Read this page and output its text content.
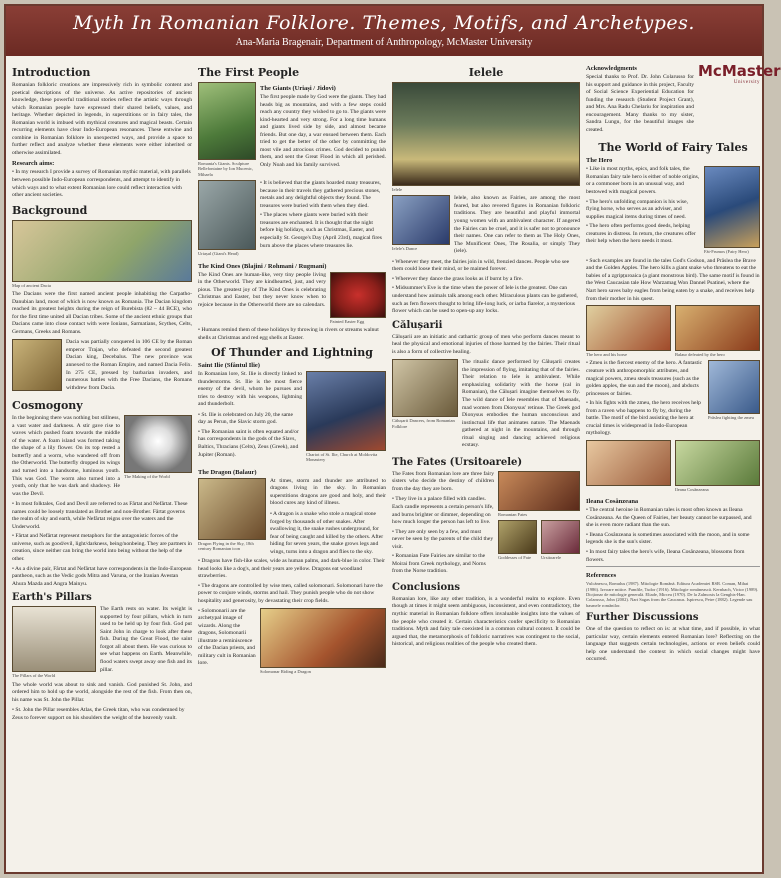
Myth In Romanian Folklore. Themes, Motifs, and Archetypes.
Ana-Maria Bragenair, Department of Anthropology, McMaster University
Introduction
Romanian folkloric creations are impressively rich in symbolic content and poetical descriptions of the universe. As active repositories of ancient knowledge, these powerful traditional stories reflect the artistic ways through which Romanian people have expressed their shared beliefs, values, and heritage. Whether depicted in legends, in superstitions or in fairy tales, the Romanian world is imbued with mythical creatures and magical beasts. Certain recurring elements have clear Indo-European resonances. These entwine and combine in Romanian folklore in unexpected ways, and provide a space to further reflect and analyze whether these elements were either inherited or otherwise assimilated.
Research aims:
• In my research I provide a survey of Romanian mythic material, with parallels between possible Indo-European correspondents, and attempt to identify in which ways and to what extent Romanian lore could reflect interaction with other ancient societies.
Background
Map of ancient Dacia
The Dacians were the first named ancient people inhabiting the Carpatho-Danubian land, most of which is now known as Romania. The Dacian kingdom reached its greatest heights during the reign of Burebista (82 – 44 BCE), who for the first time united all Dacian tribes. Some of the ancient ethnic groups that Dacians came into close contact with were Ionians, Sarmatians, Scythes, Celts, Germans, Greeks and Romans.
Dacia was partially conquered in 106 CE by the Roman emperor Trajan, who defeated the second greatest Dacian king, Decebalus. The new province was annexed to the Roman Empire, and named Dacia Felix. In 275 CE, pressed by barbarian invaders, and numerous battles with the Free Dacians, the Romans withdrew from Dacia.
Cosmogony
In the beginning there was nothing but stillness, a vast water and darkness. A stir gave rise to waves which pushed foam towards the middle of the water. A foam island was formed taking the shape of a lily flower. On its top rested a butterfly and a worm, who wandered off from the Otherworld. The butterfly dropped its wings and turned into a handsome, luminous youth. This was God. The worm also turned into a youth, only that he was dark and shadowy. He was the Devil.
The Making of the World
• In most folktales, God and Devil are referred to as Fârtat and Nefârtat. These names could be loosely translated as Brother and non-Brother. Fârtat governs the realm of sky and earth, while Nefârtat reigns over the waters and the Underworld.
• Fârtat and Nefârtat represent metaphors for the antagonistic forces of the universe, such as good/evil, light/darkness, being/nonbeing. They are partners in creation, since neither can bring the world into being without the help of the other.
• As a divine pair, Fârtat and Nefârtat have correspondents in the Indo-European pantheon, such as the Vedic gods Mitra and Varuna, or the Iranian Avestan Ahura Mazda and Angra Mainyu.
Earth's Pillars
The Pillars of the World
The Earth rests on water. Its weight is supported by four pillars, which in turn used to be held up by four fish. God put Saint John in charge to look after these fish. During the Great Flood, the saint forgot all about them. He was curious to see what happens on Earth. Meanwhile, flood waters swept away one fish and its pillar.
The whole world was about to sink and vanish. God punished St. John, and ordered him to hold up the world, alongside the rest of the fish. From then on, his name was St. John the Pillar.
• St. John the Pillar resembles Atlas, the Greek titan, who was condemned by Zeus to forever support on his shoulders the weight of the heavenly vault.
The First People
Romania's Giants. Sculpture Bellefontaine by Ion Mucenic, Mihaela
The Giants (Uriași / Jidovi)
The first people made by God were the giants. They had heads big as mountains, and with a few steps could reach any country they wished to go to. The giants were kind-hearted and very strong. For a long time humans and giants lived side by side, and almost became friends. But one day, a war ensued between them. Each tried to get the better of the other by committing the most vile and atrocious crimes. God decided to punish them, and sent the Great Flood in which all perished. Only Noah and his family survived.
Uriașul (Giant's Head)
• It is believed that the giants hoarded many treasures, because in their travels they gathered precious stones, metals and any delightful objects they found. The treasures were buried with them when they died.
• The places where giants were buried with their treasures are enchanted. It is thought that the night before big holidays, such as Christmas, Easter, and especially St. George's Day (April 23rd), magical fires burn above the places where treasures lie.
The Kind Ones (Blajini / Rohmani / Rugmani)
The Kind Ones are human-like, very tiny people living in the Otherworld. They are kindhearted, just, and very pious. The greatest joy of The Kind Ones is celebrating Christmas and Easter, but they never know when to rejoice because in the Otherworld there are no calendars.
Painted Easter Egg
• Humans remind them of these holidays by throwing in rivers or streams walnut shells at Christmas and red egg shells at Easter.
Of Thunder and Lightning
Saint Ilie (Sfântul Ilie)
In Romanian lore, St. Ilie is directly linked to thunderstorms. St. Ilie is the most fierce enemy of the devil, whom he pursues and tries to destroy with his weapons, lightning and thunderbolt.
• St. Ilie is celebrated on July 20, the same day as Perun, the Slavic storm god.
• The Romanian saint is often equated and/or has correspondents in the gods of the Slavs, Baltics, Thracians (Celts), Zeus (Greek), and Jupiter (Roman).	Chariot of St. Ilie, Church at Moldovita Monastery
The Dragon (Balaur)
Dragon Flying in the Sky, 18th century Romanian icon
At times, storm and thunder are attributed to dragons living in the sky. In Romanian superstitions dragons are good and holy, and their blood cures any kind of illness.
• A dragon is a snake who stole a magical stone forged by thousands of other snakes. After swallowing it, the snake rushes underground, for fear of being caught and killed by the others. After hiding for seven years, the snake grows legs and wings, turns into a dragon and flies to the sky.
• Dragons have fish-like scales, wide as human palms, and dark-blue in color. Their head looks like a dog's, and their years are yellow. Dragons eat woodland strawberries.
• The dragons are controlled by wise men, called solomonari. Solomonari have the power to conjure winds, storms and hail. They punish people who do not show hospitality and generosity, by devastating their crop fields.
• Solomonarii are the archetypal image of wizards. Along the dragons, Solomonarii illustrate a reminiscence of the Dacian priests, and military cult in Romanian lore.
Solomonar Riding a Dragon
Ielele
Ielele
Ielele's Dance
Ielele, also known as Fairies, are among the most feared, but also revered figures in Romanian folkloric traditions. They are beautiful and playful immortal young women with an ambivalent character. If angered the Fairies can be cruel, and it is safer not to pronounce their names. One can refer to them as The Holy Ones, The Munificent Ones, The Rosalia, or simply They (iele).
• Whenever they meet, the fairies join in wild, frenzied dances. People who see them could loose their mind, or be maimed forever.
• Wherever they dance the grass looks as if burnt by a fire.
• Midsummer's Eve is the time when the power of Iele is the greatest. One can understand how animals talk among each other. Miraculous plants can be gathered, such as fern flowers thought to bring life-long luck, or iarba fiarelor, a mysterious flower which can be used to open-up any locks.
Călușarii
Călușarii are an initiatic and cathartic group of men who perform dances meant to heal the physical and emotional injuries of those harmed by the fairies. Their ritual is also a form of collective healing.
Călușarii Dancers, from Romanian Folklore
The ritualic dance performed by Călușarii creates the impression of flying, imitating that of the fairies. Their relation to Iele is ambivalent. While emphasizing solidarity with the horse (cal in Romanian), the Călușari imagine themselves to fly. The wild dance of Iele resembles that of Maenads, mad women from Dionysus' retinue. The Greek god Dionysus embodies the human unconscious and instinctual life that animates nature. The Maenads gathered at night in the mountains, and through ritual singing and dancing achieved religious ecstasy.
The Fates (Ursitoarele)
The Fates from Romanian lore are three fairy sisters who decide the destiny of children from the day they are born.
• They live in a palace filled with candles. Each candle represents a certain person's life, and burns brighter or dimmer, depending on how much longer the person has left to live.
• They are only seen by a few, and must never be seen by the parents of the child they visit.
• Romanian Fate Fairies are similar to the Moirai from Greek mythology, and Norns from the Norse tradition.
Romanian Fates
Goddesses of Fate	Ursitoarele
Conclusions
Romanian lore, like any other tradition, is a wonderful realm to explore. Even though at times it might seem ambiguous, inconsistent, and even contradictory, the mythic material in Romanian folklore offers invaluable insights into the values of the people who created it. Certain characteristics confer specificity to Romanian traditions. Myth and fairy tale coexisted in a common cultural context. It could be argued that, the metamorphosis of folkloric narratives was contingent to the social, historical, and religious realities of the people who created them.
Acknowledgments
Special thanks to Prof. Dr. John Colarusso for his support and guidance in this project, Faculty of Social Science Experiential Education for funding the research (Student Project Grant), and Mrs. Ana Radu Chelariu for inspiration and encouragement. Many thanks to my sister, Sandra Lungu, for the beautiful images she created.
McMaster
University
The World of Fairy Tales
The Hero
• Like in most myths, epics, and folk tales, the Romanian fairy tale hero is either of noble origins, or a commoner born in an unusual way, and bestowed with magical powers.
• The hero's unfolding companion is his wise, flying horse, who serves as an adviser, and supplies magical items during times of need.
• The hero often performs good deeds, helping creatures in distress. In return, the creatures offer their help when the hero needs it most.
Făt-Frumos (Fairy Hero)
• Such examples are found in the tales God's Godson, and Prâslea the Brave and the Golden Apples. The hero kills a giant snake who threatens to eat the babies of a zgripțuroaica (a giant monstrous bird). The same motif is found in the West Caucasian tale How Warzamag Won Dannel Psatinei, where the Nart hero saves baby eagles from being eaten by a snake, and receives help from their mother in his quest.
The hero and his horse	Balaur defeated by the hero
• Zmeu is the fiercest enemy of the hero. A fantastic creature with anthropomorphic attributes, and magical powers, zmeu steals treasures (such as the golden apples, the sun and the moon), and abducts princesses or fairies.
• In his fights with the zmeu, the hero receives help from a raven who happens to fly by, during the battle. The motif of the bird assisting the hero at crucial times is widespread in Indo-European mythology.
Prâslea fighting the zmeu
Ileana Cosânzeana
Ileana Cosânzeana
• The central heroine in Romanian tales is most often known as Ileana Cosânzeana. As the Queen of Fairies, her beauty cannot be surpassed, and she is even more radiant than the sun.
• Ileana Cosânzeana is sometimes associated with the moon, and in some legends she is the sun's sister.
• In most fairy tales the hero's wife, Ileana Cosânzeana, blossoms from flowers.
References
Vulcănescu, Romulus (1987). Mitologie Română. Editura Academiei RSR. Coman, Mihai (1986). Izvoare mitice. Pamfile, Tudor (1916). Mitologie românească. Kernbach, Victor (1989). Dicționar de mitologie generală. Eliade, Mircea (1970). De la Zalmoxis la Genghis-Han. Colarusso, John (2002). Nart Sagas from the Caucasus. Ispirescu, Petre (1882). Legende sau basmele românilor.
Further Discussions
One of the question to reflect on is: at what time, and if possible, in what particular way, certain elements entered Romanian lore? Reflecting on the language that suggests certain technologies, actions or even beliefs could help one understand the context in which social changes might have occurred.
